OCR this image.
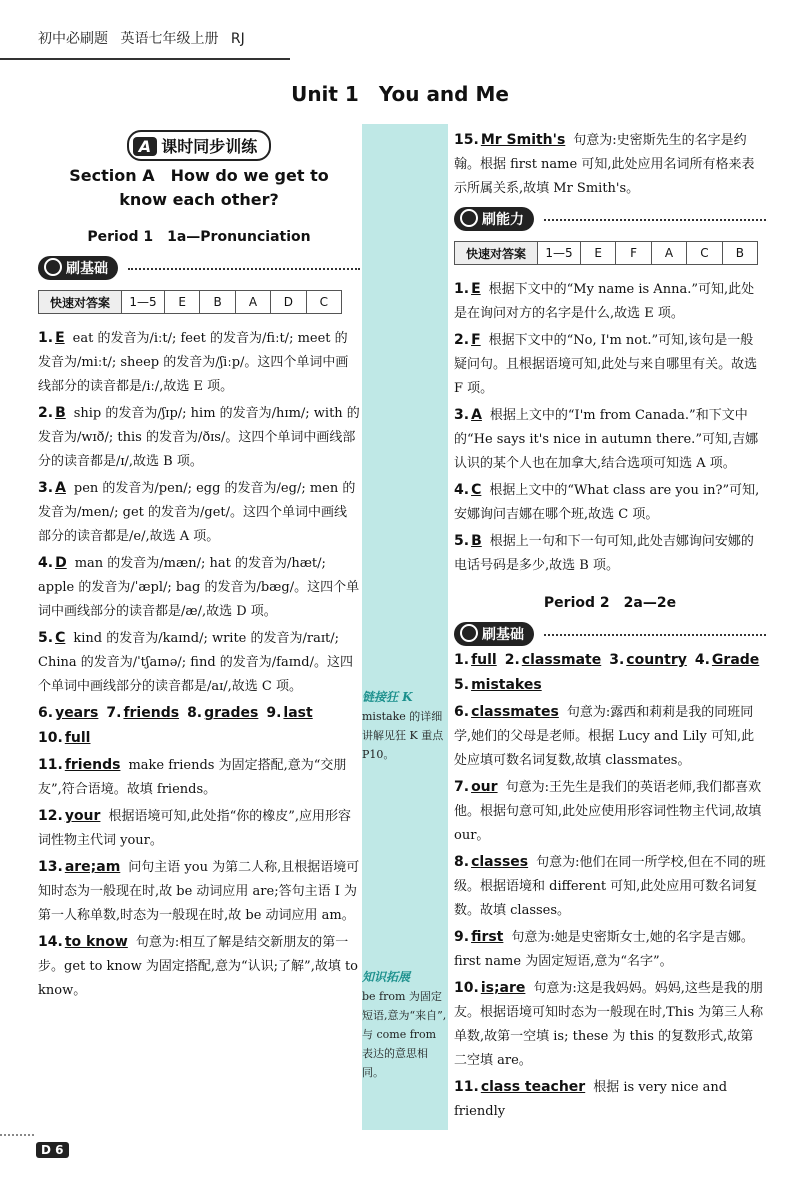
初中必刷题 英语七年级上册 RJ
Unit 1　You and Me
链接狂 K
mistake 的详细讲解见狂 K 重点 P10。
知识拓展
be from 为固定短语,意为“来自”,与 come from 表达的意思相同。
A 课时同步训练
Section A　How do we get to
know each other?
Period 1　1a—Pronunciation
刷基础
快速对答案	1—5	E	B	A	D	C
1. E eat 的发音为/iːt/; feet 的发音为/fiːt/; meet 的发音为/miːt/; sheep 的发音为/ʃiːp/。这四个单词中画线部分的读音都是/iː/,故选 E 项。
2. B ship 的发音为/ʃɪp/; him 的发音为/hɪm/; with 的发音为/wɪð/; this 的发音为/ðɪs/。这四个单词中画线部分的读音都是/ɪ/,故选 B 项。
3. A pen 的发音为/pen/; egg 的发音为/eg/; men 的发音为/men/; get 的发音为/get/。这四个单词中画线部分的读音都是/e/,故选 A 项。
4. D man 的发音为/mæn/; hat 的发音为/hæt/; apple 的发音为/ˈæpl/; bag 的发音为/bæg/。这四个单词中画线部分的读音都是/æ/,故选 D 项。
5. C kind 的发音为/kaɪnd/; write 的发音为/raɪt/; China 的发音为/ˈtʃaɪnə/; find 的发音为/faɪnd/。这四个单词中画线部分的读音都是/aɪ/,故选 C 项。
6. years 7. friends 8. grades 9. last
10. full
11. friends make friends 为固定搭配,意为“交朋友”,符合语境。故填 friends。
12. your 根据语境可知,此处指“你的橡皮”,应用形容词性物主代词 your。
13. are;am 问句主语 you 为第二人称,且根据语境可知时态为一般现在时,故 be 动词应用 are;答句主语 I 为第一人称单数,时态为一般现在时,故 be 动词应用 am。
14. to know 句意为:相互了解是结交新朋友的第一步。get to know 为固定搭配,意为“认识;了解”,故填 to know。
15. Mr Smith's 句意为:史密斯先生的名字是约翰。根据 first name 可知,此处应用名词所有格来表示所属关系,故填 Mr Smith's。
刷能力
快速对答案	1—5	E	F	A	C	B
1. E 根据下文中的“My name is Anna.”可知,此处是在询问对方的名字是什么,故选 E 项。
2. F 根据下文中的“No, I'm not.”可知,该句是一般疑问句。且根据语境可知,此处与来自哪里有关。故选 F 项。
3. A 根据上文中的“I'm from Canada.”和下文中的“He says it's nice in autumn there.”可知,吉娜认识的某个人也在加拿大,结合选项可知选 A 项。
4. C 根据上文中的“What class are you in?”可知,安娜询问吉娜在哪个班,故选 C 项。
5. B 根据上一句和下一句可知,此处吉娜询问安娜的电话号码是多少,故选 B 项。
Period 2　2a—2e
刷基础
1. full 2. classmate 3. country 4. Grade
5. mistakes
6. classmates 句意为:露西和莉莉是我的同班同学,她们的父母是老师。根据 Lucy and Lily 可知,此处应填可数名词复数,故填 classmates。
7. our 句意为:王先生是我们的英语老师,我们都喜欢他。根据句意可知,此处应使用形容词性物主代词,故填 our。
8. classes 句意为:他们在同一所学校,但在不同的班级。根据语境和 different 可知,此处应用可数名词复数。故填 classes。
9. first 句意为:她是史密斯女士,她的名字是吉娜。first name 为固定短语,意为“名字”。
10. is;are 句意为:这是我妈妈。妈妈,这些是我的朋友。根据语境可知时态为一般现在时,This 为第三人称单数,故第一空填 is; these 为 this 的复数形式,故第二空填 are。
11. class teacher 根据 is very nice and friendly
D 6
